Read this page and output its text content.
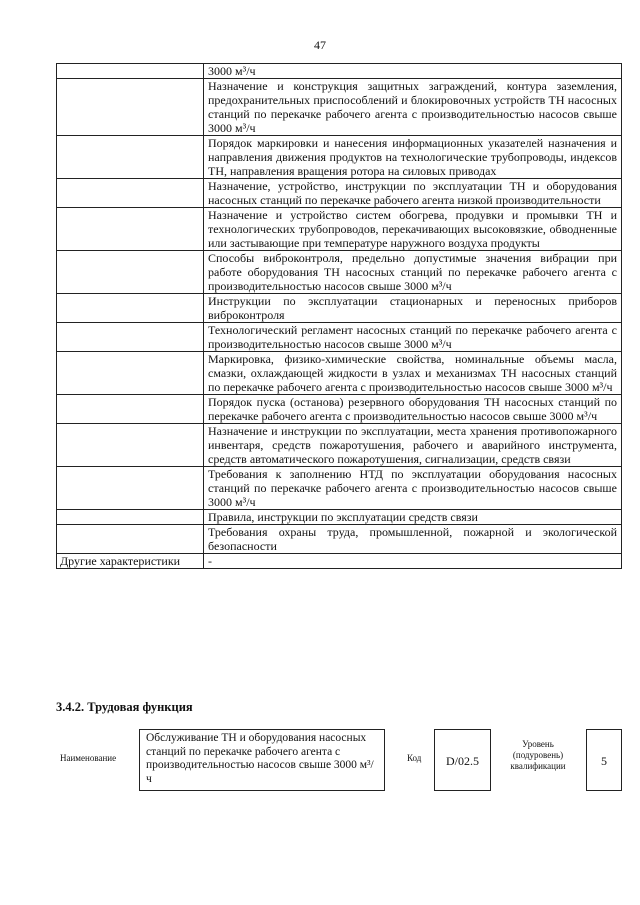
47
	3000 м³/ч
	Назначение и конструкция защитных заграждений, контура заземления, предохранительных приспособлений и блокировочных устройств ТН насосных станций по перекачке рабочего агента с производительностью насосов свыше 3000 м³/ч
	Порядок маркировки и нанесения информационных указателей назначения и направления движения продуктов на технологические трубопроводы, индексов ТН, направления вращения ротора на силовых приводах
	Назначение, устройство, инструкции по эксплуатации ТН и оборудования насосных станций по перекачке рабочего агента низкой производительности
	Назначение и устройство систем обогрева, продувки и промывки ТН и технологических трубопроводов, перекачивающих высоковязкие, обводненные или застывающие при температуре наружного воздуха продукты
	Способы виброконтроля, предельно допустимые значения вибрации при работе оборудования ТН насосных станций по перекачке рабочего агента с производительностью насосов свыше 3000 м³/ч
	Инструкции по эксплуатации стационарных и переносных приборов виброконтроля
	Технологический регламент насосных станций по перекачке рабочего агента с производительностью насосов свыше 3000 м³/ч
	Маркировка, физико-химические свойства, номинальные объемы масла, смазки, охлаждающей жидкости в узлах и механизмах ТН насосных станций по перекачке рабочего агента с производительностью насосов свыше 3000 м³/ч
	Порядок пуска (останова) резервного оборудования ТН насосных станций по перекачке рабочего агента с производительностью насосов свыше 3000 м³/ч
	Назначение и инструкции по эксплуатации, места хранения противопожарного инвентаря, средств пожаротушения, рабочего и аварийного инструмента, средств автоматического пожаротушения, сигнализации, средств связи
	Требования к заполнению НТД по эксплуатации оборудования насосных станций по перекачке рабочего агента с производительностью насосов свыше 3000 м³/ч
	Правила, инструкции по эксплуатации средств связи
	Требования охраны труда, промышленной, пожарной и экологической безопасности
Другие характеристики	-
3.4.2. Трудовая функция
Наименование
Обслуживание ТН и оборудования насосных станций по перекачке рабочего агента с производительностью насосов свыше 3000 м³/ч
Код	D/02.5
Уровень (подуровень) квалификации	5
